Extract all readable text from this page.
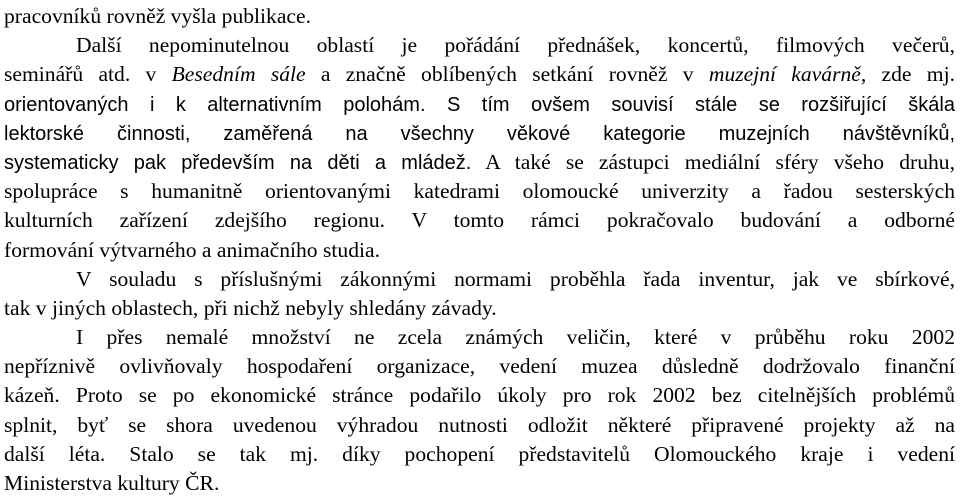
pracovníků rovněž vyšla publikace.
Další nepominutelnou oblastí je pořádání přednášek, koncertů, filmových večerů,
seminářů atd. v Besedním sále a značně oblíbených setkání rovněž v muzejní kavárně, zde mj.
orientovaných i k alternativním polohám. S tím ovšem souvisí stále se rozšiřující škála
lektorské činnosti, zaměřená na všechny věkové kategorie muzejních návštěvníků,
systematicky pak především na děti a mládež. A také se zástupci mediální sféry všeho druhu,
spolupráce s humanitně orientovanými katedrami olomoucké univerzity a řadou sesterských
kulturních zařízení zdejšího regionu. V tomto rámci pokračovalo budování a odborné
formování výtvarného a animačního studia.
V souladu s příslušnými zákonnými normami proběhla řada inventur, jak ve sbírkové,
tak v jiných oblastech, při nichž nebyly shledány závady.
I přes nemalé množství ne zcela známých veličin, které v průběhu roku 2002
nepříznivě ovlivňovaly hospodaření organizace, vedení muzea důsledně dodržovalo finanční
kázeň. Proto se po ekonomické stránce podařilo úkoly pro rok 2002 bez citelnějších problémů
splnit, byť se shora uvedenou výhradou nutnosti odložit některé připravené projekty až na
další léta. Stalo se tak mj. díky pochopení představitelů Olomouckého kraje i vedení
Ministerstva kultury ČR.
